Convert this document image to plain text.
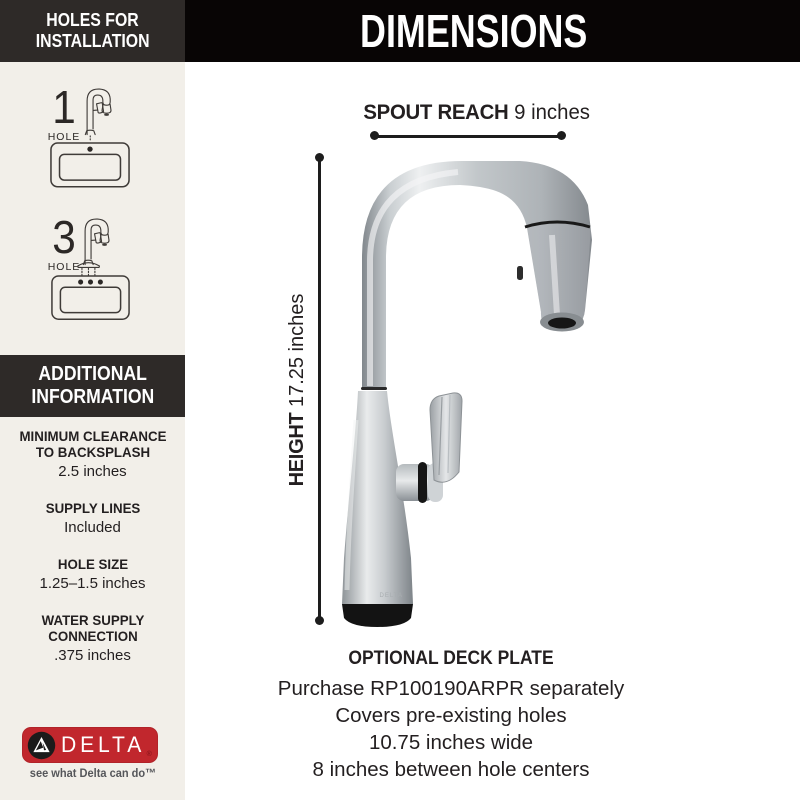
HOLES FOR
INSTALLATION	DIMENSIONS
1
HOLE
3
HOLE
ADDITIONAL
INFORMATION
MINIMUM CLEARANCE TO BACKSPLASH
2.5 inches
SUPPLY LINES
Included
HOLE SIZE
1.25–1.5 inches
WATER SUPPLY CONNECTION
.375 inches
DELTA ®
see what Delta can do™
SPOUT REACH 9 inches
HEIGHT 17.25 inches
DELTA
OPTIONAL DECK PLATE
Purchase RP100190ARPR separately
Covers pre-existing holes
10.75 inches wide
8 inches between hole centers
